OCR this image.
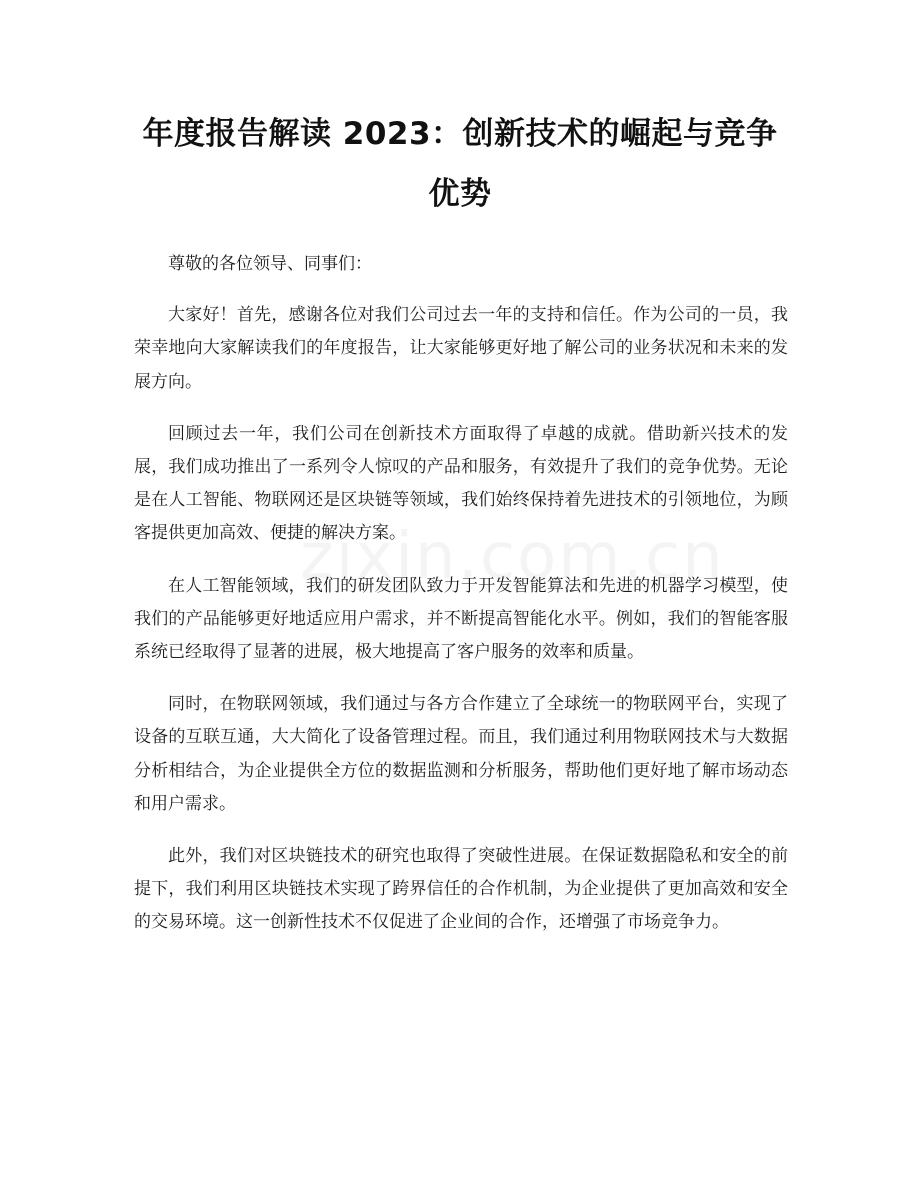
年度报告解读 2023：创新技术的崛起与竞争优势

尊敬的各位领导、同事们：

大家好！首先，感谢各位对我们公司过去一年的支持和信任。作为公司的一员，我荣幸地向大家解读我们的年度报告，让大家能够更好地了解公司的业务状况和未来的发展方向。

回顾过去一年，我们公司在创新技术方面取得了卓越的成就。借助新兴技术的发展，我们成功推出了一系列令人惊叹的产品和服务，有效提升了我们的竞争优势。无论是在人工智能、物联网还是区块链等领域，我们始终保持着先进技术的引领地位，为顾客提供更加高效、便捷的解决方案。

在人工智能领域，我们的研发团队致力于开发智能算法和先进的机器学习模型，使我们的产品能够更好地适应用户需求，并不断提高智能化水平。例如，我们的智能客服系统已经取得了显著的进展，极大地提高了客户服务的效率和质量。

同时，在物联网领域，我们通过与各方合作建立了全球统一的物联网平台，实现了设备的互联互通，大大简化了设备管理过程。而且，我们通过利用物联网技术与大数据分析相结合，为企业提供全方位的数据监测和分析服务，帮助他们更好地了解市场动态和用户需求。

此外，我们对区块链技术的研究也取得了突破性进展。在保证数据隐私和安全的前提下，我们利用区块链技术实现了跨界信任的合作机制，为企业提供了更加高效和安全的交易环境。这一创新性技术不仅促进了企业间的合作，还增强了市场竞争力。
